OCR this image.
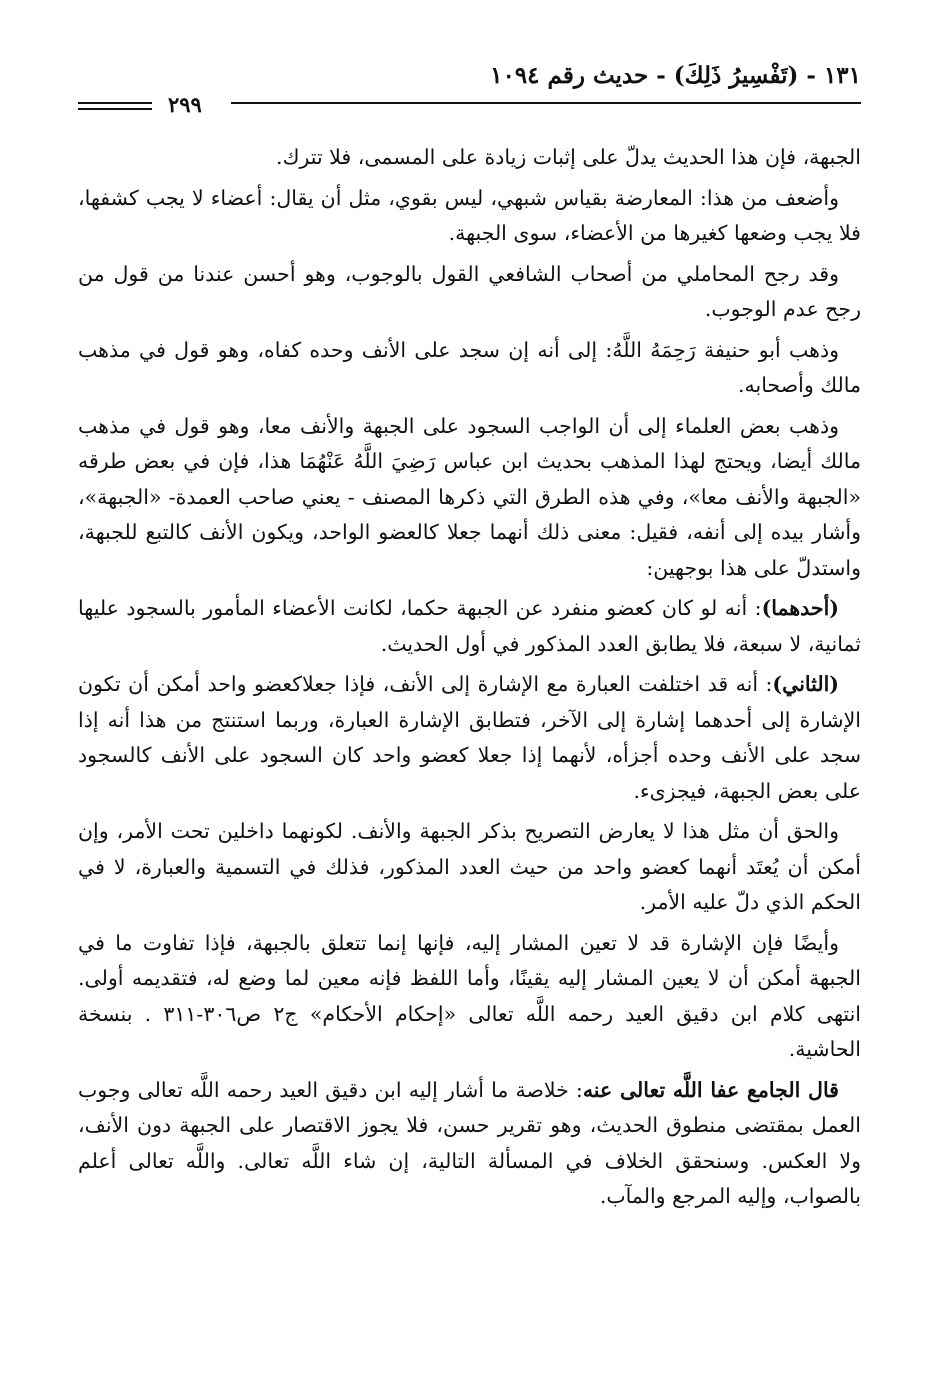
١٣١ - (تَفْسِيرُ ذَلِكَ) - حديث رقم ١٠٩٤
٢٩٩

الجبهة، فإن هذا الحديث يدلّ على إثبات زيادة على المسمى، فلا تترك.

وأضعف من هذا: المعارضة بقياس شبهي، ليس بقوي، مثل أن يقال: أعضاء لا يجب كشفها، فلا يجب وضعها كغيرها من الأعضاء، سوى الجبهة.

وقد رجح المحاملي من أصحاب الشافعي القول بالوجوب، وهو أحسن عندنا من قول من رجح عدم الوجوب.

وذهب أبو حنيفة رَحِمَهُ اللَّهُ: إلى أنه إن سجد على الأنف وحده كفاه، وهو قول في مذهب مالك وأصحابه.

وذهب بعض العلماء إلى أن الواجب السجود على الجبهة والأنف معا، وهو قول في مذهب مالك أيضا، ويحتج لهذا المذهب بحديث ابن عباس رَضِيَ اللَّهُ عَنْهُمَا هذا، فإن في بعض طرقه «الجبهة والأنف معا»، وفي هذه الطرق التي ذكرها المصنف - يعني صاحب العمدة- «الجبهة»، وأشار بيده إلى أنفه، فقيل: معنى ذلك أنهما جعلا كالعضو الواحد، ويكون الأنف كالتبع للجبهة، واستدلّ على هذا بوجهين:

(أحدهما): أنه لو كان كعضو منفرد عن الجبهة حكما، لكانت الأعضاء المأمور بالسجود عليها ثمانية، لا سبعة، فلا يطابق العدد المذكور في أول الحديث.

(الثاني): أنه قد اختلفت العبارة مع الإشارة إلى الأنف، فإذا جعلاكعضو واحد أمكن أن تكون الإشارة إلى أحدهما إشارة إلى الآخر، فتطابق الإشارة العبارة، وربما استنتج من هذا أنه إذا سجد على الأنف وحده أجزأه، لأنهما إذا جعلا كعضو واحد كان السجود على الأنف كالسجود على بعض الجبهة، فيجزىء.

والحق أن مثل هذا لا يعارض التصريح بذكر الجبهة والأنف. لكونهما داخلين تحت الأمر، وإن أمكن أن يُعتَد أنهما كعضو واحد من حيث العدد المذكور، فذلك في التسمية والعبارة، لا في الحكم الذي دلّ عليه الأمر.

وأيضًا فإن الإشارة قد لا تعين المشار إليه، فإنها إنما تتعلق بالجبهة، فإذا تفاوت ما في الجبهة أمكن أن لا يعين المشار إليه يقينًا، وأما اللفظ فإنه معين لما وضع له، فتقديمه أولى. انتهى كلام ابن دقيق العيد رحمه اللَّه تعالى «إحكام الأحكام» ج٢ ص٣٠٦-٣١١ . بنسخة الحاشية.

قال الجامع عفا اللَّه تعالى عنه: خلاصة ما أشار إليه ابن دقيق العيد رحمه اللَّه تعالى وجوب العمل بمقتضى منطوق الحديث، وهو تقرير حسن، فلا يجوز الاقتصار على الجبهة دون الأنف، ولا العكس. وسنحقق الخلاف في المسألة التالية، إن شاء اللَّه تعالى. واللَّه تعالى أعلم بالصواب، وإليه المرجع والمآب.
